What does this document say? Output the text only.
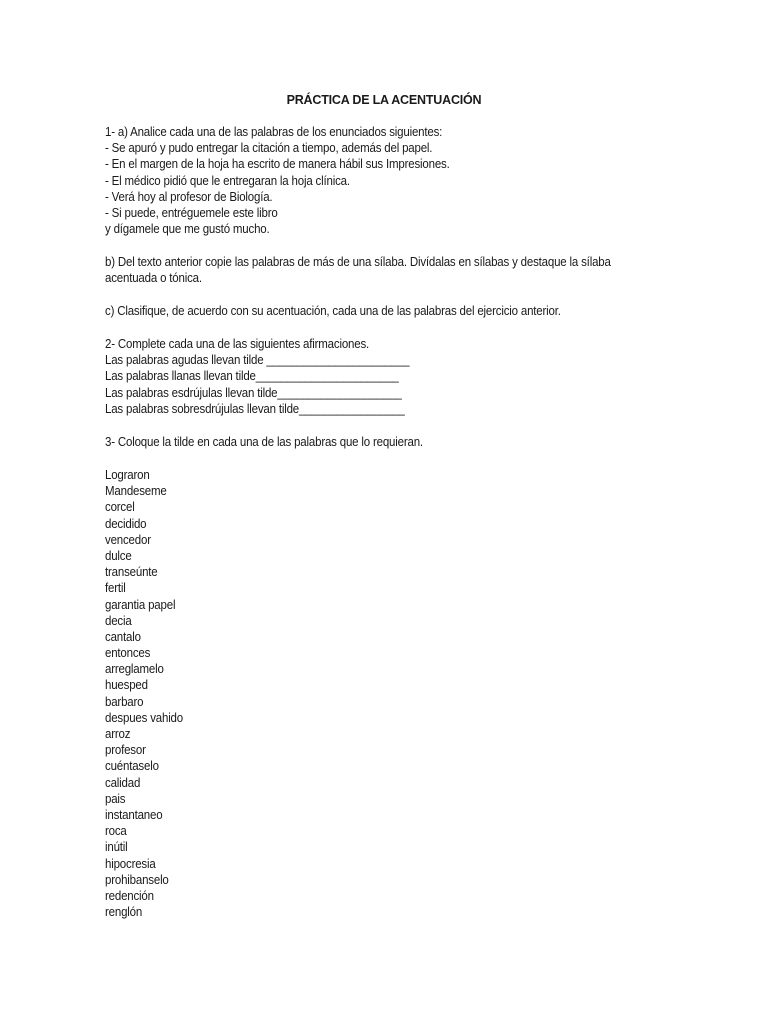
PRÁCTICA DE LA ACENTUACIÓN
1- a) Analice cada una de las palabras de los enunciados siguientes:
- Se apuró y pudo entregar la citación a tiempo, además del papel.
- En el margen de la hoja ha escrito de manera hábil sus Impresiones.
- El médico pidió que le entregaran la hoja clínica.
- Verá hoy al profesor de Biología.
- Si puede, entréguemele este libro
y dígamele que me gustó mucho.
b) Del texto anterior copie las palabras de más de una sílaba. Divídalas en sílabas y destaque la sílaba acentuada o tónica.
c) Clasifique, de acuerdo con su acentuación, cada una de las palabras del ejercicio anterior.
2- Complete cada una de las siguientes afirmaciones.
Las palabras agudas llevan tilde _______________________
Las palabras llanas llevan tilde_______________________
Las palabras esdrújulas llevan tilde____________________
Las palabras sobresdrújulas llevan tilde_________________
3- Coloque la tilde en cada una de las palabras que lo requieran.
Lograron
Mandeseme
corcel
decidido
vencedor
dulce
transeúnte
fertil
garantia papel
decia
cantalo
entonces
arreglamelo
huesped
barbaro
despues vahido
arroz
profesor
cuéntaselo
calidad
pais
instantaneo
roca
inútil
hipocresia
prohibanselo
redención
renglón
